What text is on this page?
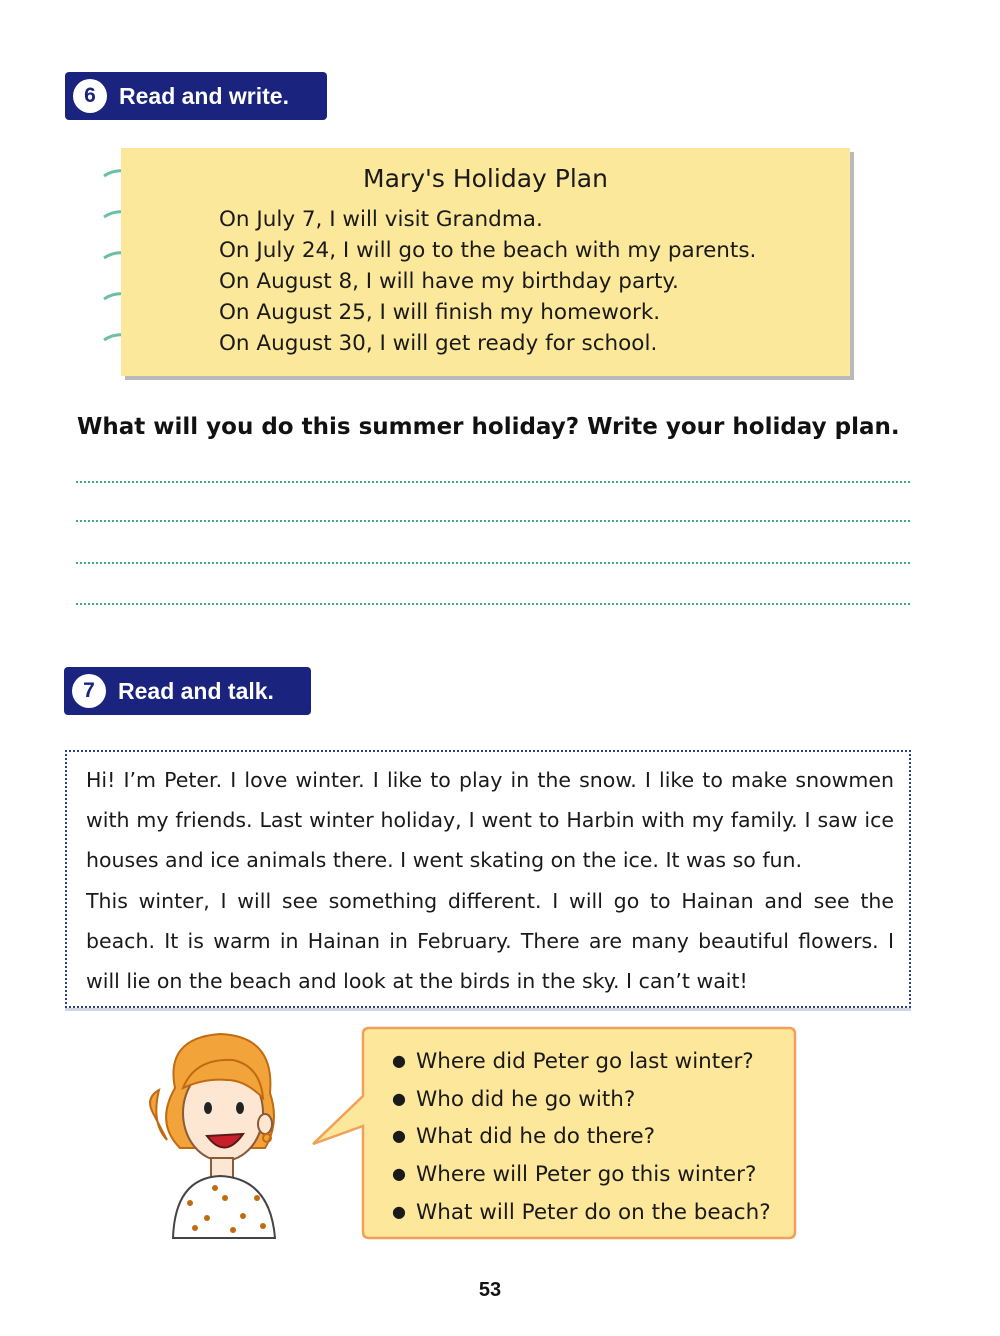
6	Read and write.
Mary's Holiday Plan
On July 7, I will visit Grandma.
On July 24, I will go to the beach with my parents.
On August 8, I will have my birthday party.
On August 25, I will finish my homework.
On August 30, I will get ready for school.
What will you do this summer holiday? Write your holiday plan.
7	Read and talk.

Hi! I’m Peter. I love winter. I like to play in the snow. I like to make snowmen with my friends. Last winter holiday, I went to Harbin with my family. I saw ice houses and ice animals there. I went skating on the ice. It was so fun.

This winter, I will see something different. I will go to Hainan and see the beach. It is warm in Hainan in February. There are many beautiful flowers. I will lie on the beach and look at the birds in the sky. I can’t wait!

● Where did Peter go last winter?
● Who did he go with?
● What did he do there?
● Where will Peter go this winter?
● What will Peter do on the beach?
53
